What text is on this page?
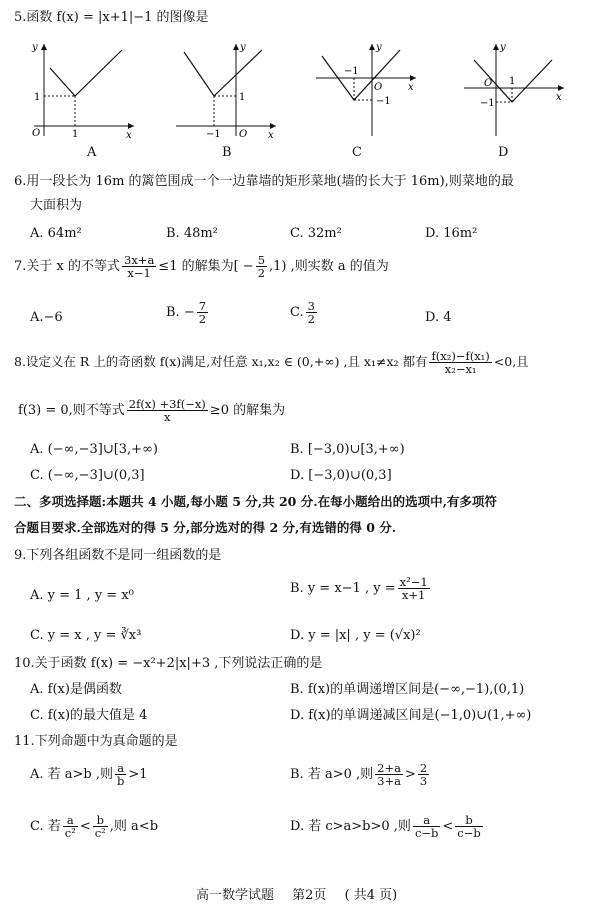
5.函数 f(x) = |x+1|−1 的图像是
y
x
O	1
1
A
y
x
O
−1
1
B
y
x
O
−1
−1
C
y
x
O 1
−1
D
6.用一段长为 16m 的篱笆围成一个一边靠墙的矩形菜地(墙的长大于 16m),则菜地的最
大面积为
A. 64m²	B. 48m²	C. 32m²	D. 16m²
7.关于 x 的不等式 $\frac{3x+a}{x-1} \le 1$ 的解集为[ − $\frac{5}{2} ,1$) ,则实数 a 的值为
A.−6	B. − $\frac{7}{2}$	C. $\frac{3}{2}$	D. 4
8.设定义在 R 上的奇函数 f(x)满足,对任意 x₁,x₂ ∈ (0,+∞) ,且 x₁≠x₂ 都有 $\frac{\text{f(x₂)−f(x₁)}}{\text{x₂−x₁}} <0$,且
f(3) = 0,则不等式 $\frac{2f(x) +3f(-x)}{x} \ge 0$ 的解集为
A. (−∞,−3]∪[3,+∞)	B. [−3,0)∪[3,+∞)
C. (−∞,−3]∪(0,3]	D. [−3,0)∪(0,3]
二、多项选择题:本题共 4 小题,每小题 5 分,共 20 分.在每小题给出的选项中,有多项符
合题目要求.全部选对的得 5 分,部分选对的得 2 分,有选错的得 0 分.
9.下列各组函数不是同一组函数的是
A. y = 1 , y = x⁰	B. y = x−1 , $y = \frac{\text{x²−1}}{x+1}$
C. y = x , y = ∛x³	D. y = |x| , y = (√x)²
10.关于函数 f(x) = −x²+2|x|+3 ,下列说法正确的是
A. f(x)是偶函数	B. f(x)的单调递增区间是(−∞,−1),(0,1)
C. f(x)的最大值是 4	D. f(x)的单调递减区间是(−1,0)∪(1,+∞)
11.下列命题中为真命题的是
A. 若 a>b ,则 $\frac{a}{b} >1$	B. 若 a>0 ,则 $\frac{2+a}{3+a} > \frac{2}{3}$
C. 若 $\frac{a}{\text{c²}} < \frac{b}{\text{c²}}$ ,则 a<b	D. 若 c>a>b>0 ,则 $\frac{a}{c-b} < \frac{b}{c-b}$
高一数学试题 第2页 ( 共4 页)
